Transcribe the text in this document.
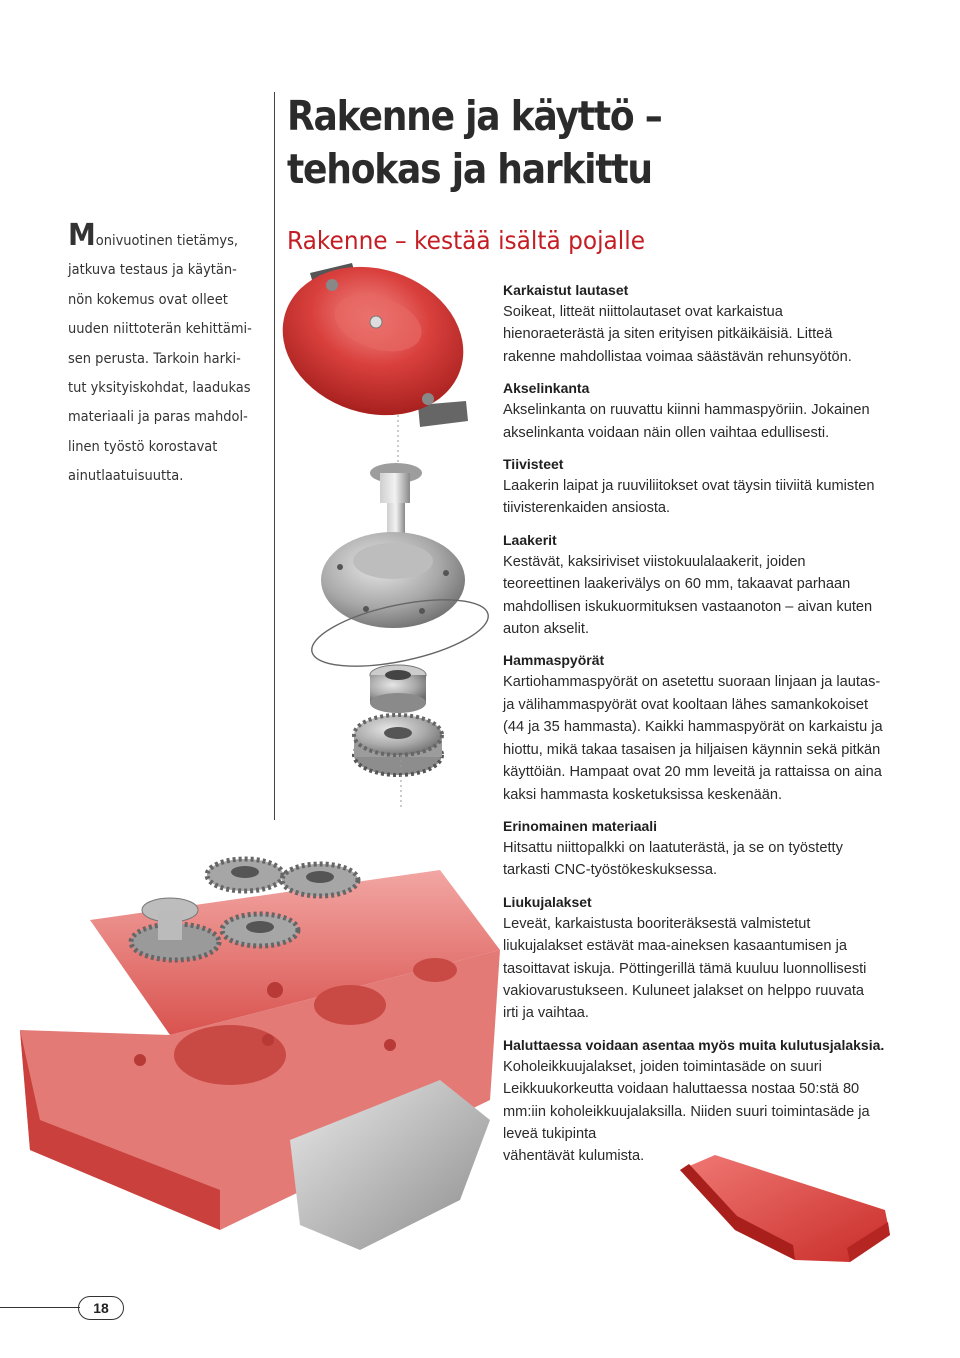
Rakenne ja käyttö –
tehokas ja harkittu
Rakenne – kestää isältä pojalle

Monivuotinen tietämys,
jatkuva testaus ja käytän-
nön kokemus ovat olleet
uuden niittoterän kehittämi-
sen perusta. Tarkoin harki-
tut yksityiskohdat, laadukas
materiaali ja paras mahdol-
linen työstö korostavat
ainutlaatuisuutta.

Karkaistut lautaset

Soikeat, litteät niittolautaset ovat karkaistua
hienoraeterästä ja siten erityisen pitkäikäisiä. Litteä
rakenne mahdollistaa voimaa säästävän rehunsyötön.

Akselinkanta

Akselinkanta on ruuvattu kiinni hammaspyöriin. Jokainen
akselinkanta voidaan näin ollen vaihtaa edullisesti.

Tiivisteet

Laakerin laipat ja ruuviliitokset ovat täysin tiiviitä kumisten
tiivisterenkaiden ansiosta.

Laakerit

Kestävät, kaksiriviset viistokuulalaakerit, joiden
teoreettinen laakerivälys on 60 mm, takaavat parhaan
mahdollisen iskukuormituksen vastaanoton – aivan kuten
auton akselit.

Hammaspyörät

Kartiohammaspyörät on asetettu suoraan linjaan ja lautas-
ja välihammaspyörät ovat kooltaan lähes samankokoiset
(44 ja 35 hammasta). Kaikki hammaspyörät on karkaistu ja
hiottu, mikä takaa tasaisen ja hiljaisen käynnin sekä pitkän
käyttöiän. Hampaat ovat 20 mm leveitä ja rattaissa on aina
kaksi hammasta kosketuksissa keskenään.

Erinomainen materiaali

Hitsattu niittopalkki on laatuterästä, ja se on työstetty
tarkasti CNC-työstökeskuksessa.

Liukujalakset

Leveät, karkaistusta booriteräksestä valmistetut
liukujalakset estävät maa-aineksen kasaantumisen ja
tasoittavat iskuja. Pöttingerillä tämä kuuluu luonnollisesti
vakiovarustukseen. Kuluneet jalakset on helppo ruuvata
irti ja vaihtaa.

Haluttaessa voidaan asentaa myös muita kulutusjalaksia.

Koholeikkuujalakset, joiden toimintasäde on suuri
Leikkuukorkeutta voidaan haluttaessa nostaa 50:stä 80
mm:iin koholeikkuujalaksilla. Niiden suuri toimintasäde ja
leveä tukipinta
vähentävät kulumista.

18
